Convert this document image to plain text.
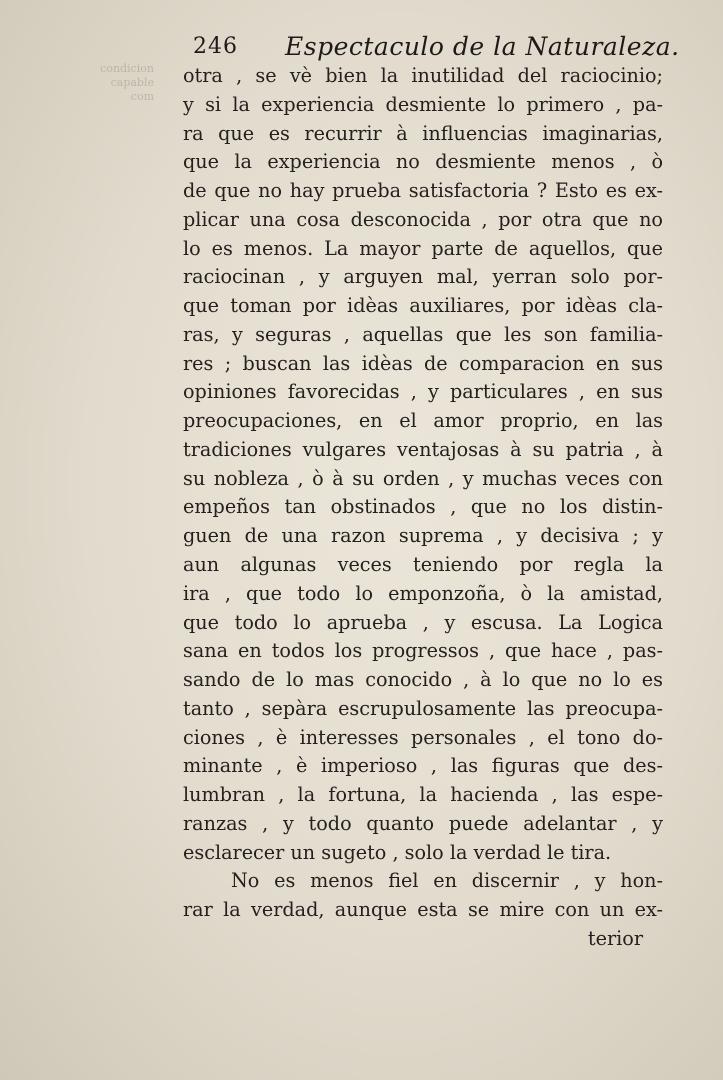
condicion
capable
com
246 Espectaculo de la Naturaleza.
otra , se vè bien la inutilidad del raciocinio;
y si la experiencia desmiente lo primero , pa-
ra que es recurrir à influencias imaginarias,
que la experiencia no desmiente menos , ò
de que no hay prueba satisfactoria ? Esto es ex-
plicar una cosa desconocida , por otra que no
lo es menos. La mayor parte de aquellos, que
raciocinan , y arguyen mal, yerran solo por-
que toman por idèas auxiliares, por idèas cla-
ras, y seguras , aquellas que les son familia-
res ; buscan las idèas de comparacion en sus
opiniones favorecidas , y particulares , en sus
preocupaciones, en el amor proprio, en las
tradiciones vulgares ventajosas à su patria , à
su nobleza , ò à su orden , y muchas veces con
empeños tan obstinados , que no los distin-
guen de una razon suprema , y decisiva ; y
aun algunas veces teniendo por regla la
ira , que todo lo emponzoña, ò la amistad,
que todo lo aprueba , y escusa. La Logica
sana en todos los progressos , que hace , pas-
sando de lo mas conocido , à lo que no lo es
tanto , sepàra escrupulosamente las preocupa-
ciones , è interesses personales , el tono do-
minante , è imperioso , las figuras que des-
lumbran , la fortuna, la hacienda , las espe-
ranzas , y todo quanto puede adelantar , y
esclarecer un sugeto , solo la verdad le tira.
No es menos fiel en discernir , y hon-
rar la verdad, aunque esta se mire con un ex-
terior
